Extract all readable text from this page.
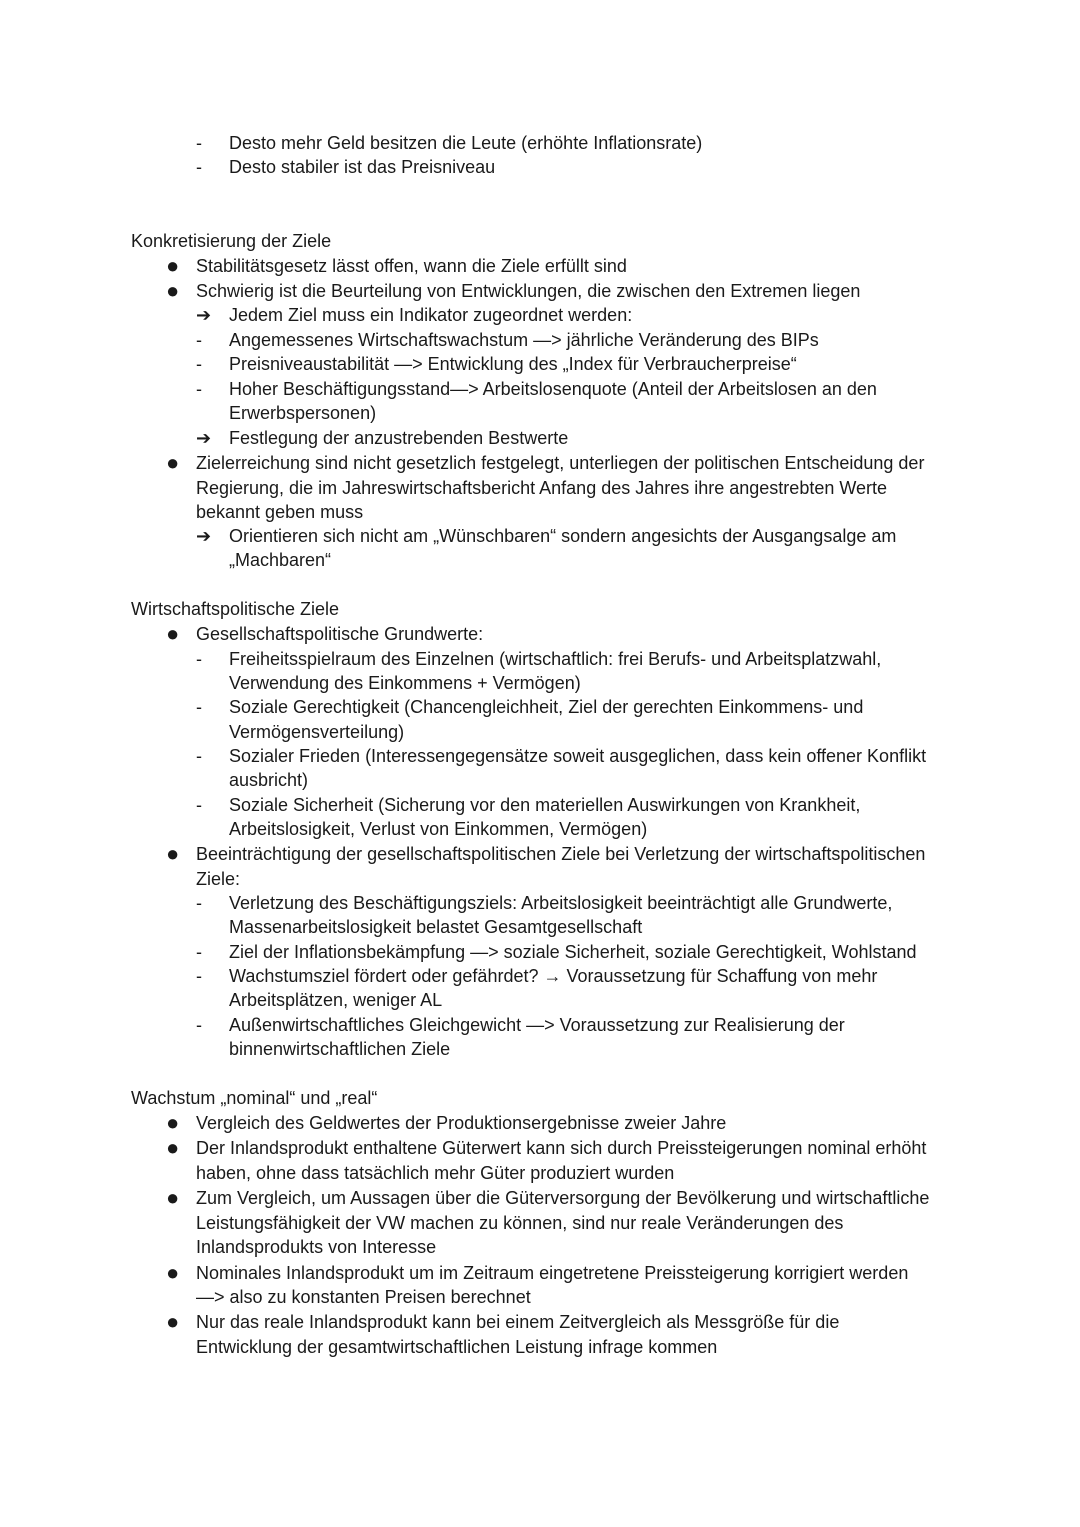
- Desto mehr Geld besitzen die Leute (erhöhte Inflationsrate)
- Desto stabiler ist das Preisniveau
Konkretisierung der Ziele
● Stabilitätsgesetz lässt offen, wann die Ziele erfüllt sind
● Schwierig ist die Beurteilung von Entwicklungen, die zwischen den Extremen liegen
➔ Jedem Ziel muss ein Indikator zugeordnet werden:
- Angemessenes Wirtschaftswachstum —> jährliche Veränderung des BIPs
- Preisniveaustabilität —> Entwicklung des „Index für Verbraucherpreise“
- Hoher Beschäftigungsstand—> Arbeitslosenquote (Anteil der Arbeitslosen an den
Erwerbspersonen)
➔ Festlegung der anzustrebenden Bestwerte
● Zielerreichung sind nicht gesetzlich festgelegt, unterliegen der politischen Entscheidung der
Regierung, die im Jahreswirtschaftsbericht Anfang des Jahres ihre angestrebten Werte
bekannt geben muss
➔ Orientieren sich nicht am „Wünschbaren“ sondern angesichts der Ausgangsalge am
„Machbaren“
Wirtschaftspolitische Ziele
● Gesellschaftspolitische Grundwerte:
- Freiheitsspielraum des Einzelnen (wirtschaftlich: frei Berufs- und Arbeitsplatzwahl,
Verwendung des Einkommens + Vermögen)
- Soziale Gerechtigkeit (Chancengleichheit, Ziel der gerechten Einkommens- und
Vermögensverteilung)
- Sozialer Frieden (Interessengegensätze soweit ausgeglichen, dass kein offener Konflikt
ausbricht)
- Soziale Sicherheit (Sicherung vor den materiellen Auswirkungen von Krankheit,
Arbeitslosigkeit, Verlust von Einkommen, Vermögen)
● Beeinträchtigung der gesellschaftspolitischen Ziele bei Verletzung der wirtschaftspolitischen
Ziele:
- Verletzung des Beschäftigungsziels: Arbeitslosigkeit beeinträchtigt alle Grundwerte,
Massenarbeitslosigkeit belastet Gesamtgesellschaft
- Ziel der Inflationsbekämpfung —> soziale Sicherheit, soziale Gerechtigkeit, Wohlstand
- Wachstumsziel fördert oder gefährdet? → Voraussetzung für Schaffung von mehr
Arbeitsplätzen, weniger AL
- Außenwirtschaftliches Gleichgewicht —> Voraussetzung zur Realisierung der
binnenwirtschaftlichen Ziele
Wachstum „nominal“ und „real“
● Vergleich des Geldwertes der Produktionsergebnisse zweier Jahre
● Der Inlandsprodukt enthaltene Güterwert kann sich durch Preissteigerungen nominal erhöht
haben, ohne dass tatsächlich mehr Güter produziert wurden
● Zum Vergleich, um Aussagen über die Güterversorgung der Bevölkerung und wirtschaftliche
Leistungsfähigkeit der VW machen zu können, sind nur reale Veränderungen des
Inlandsprodukts von Interesse
● Nominales Inlandsprodukt um im Zeitraum eingetretene Preissteigerung korrigiert werden
—> also zu konstanten Preisen berechnet
● Nur das reale Inlandsprodukt kann bei einem Zeitvergleich als Messgröße für die
Entwicklung der gesamtwirtschaftlichen Leistung infrage kommen
